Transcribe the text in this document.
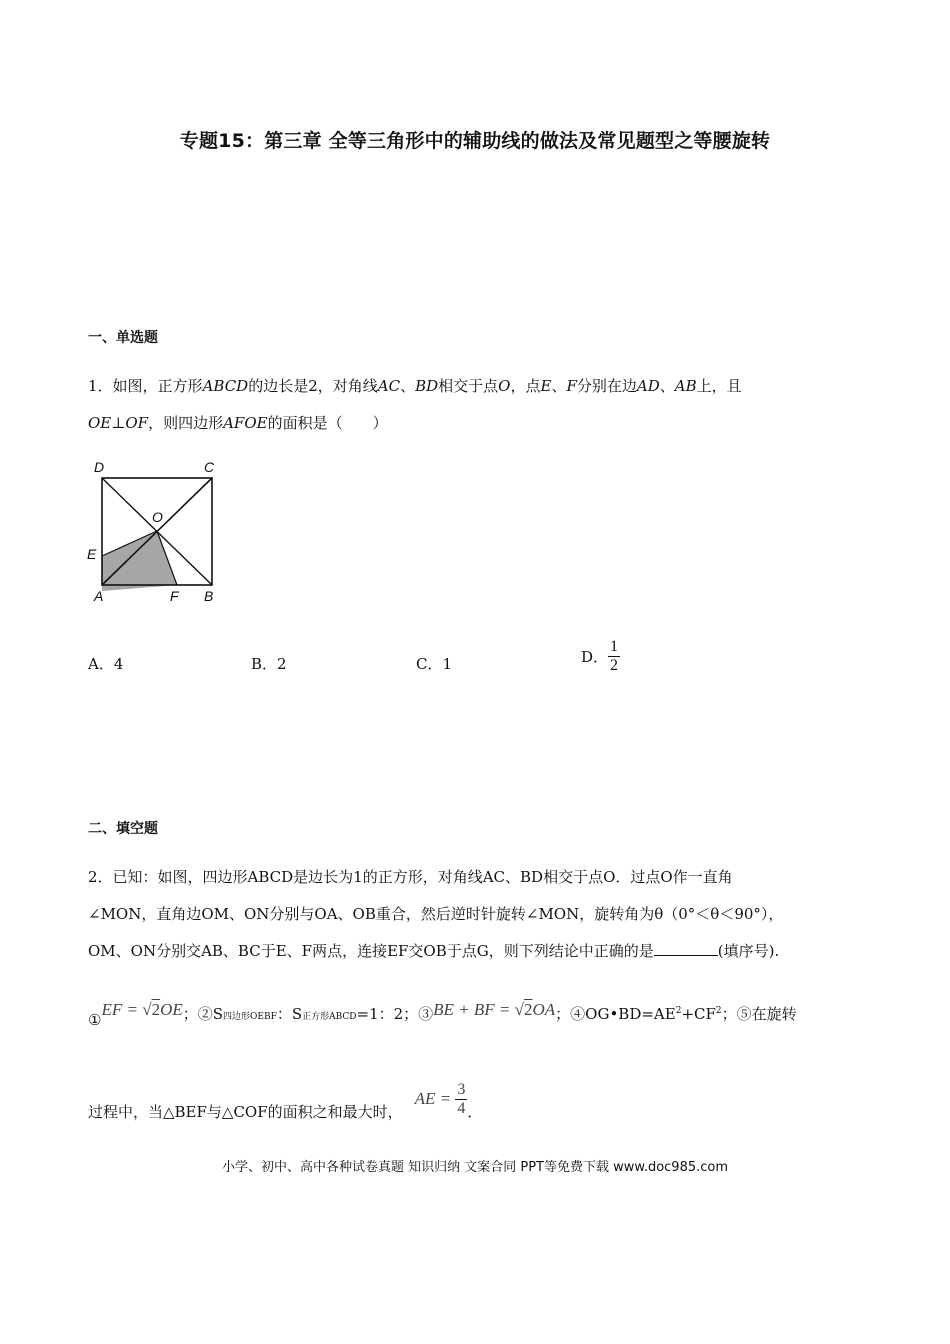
专题15：第三章 全等三角形中的辅助线的做法及常见题型之等腰旋转
一、单选题
1．如图，正方形ABCD的边长是2，对角线AC、BD相交于点O，点E、F分别在边AD、AB上，且
OE⊥OF，则四边形AFOE的面积是（　　）
D	C
O
E
A	F B
A．4	B．2	C．1	D． $\frac{1}{2}$
二、填空题
2．已知：如图，四边形ABCD是边长为1的正方形，对角线AC、BD相交于点O．过点O作一直角
∠MON，直角边OM、ON分别与OA、OB重合，然后逆时针旋转∠MON，旋转角为θ（0°＜θ＜90°），
OM、ON分别交AB、BC于E、F两点，连接EF交OB于点G，则下列结论中正确的是	(填序号).
①EF = √2OE；②S四边形OEBF：S正方形ABCD=1：2；③BE + BF = √2OA；$④OG•BD=AE^2+CF^2$；⑤在旋转
过程中，当△BEF与△COF的面积之和最大时，AE = $\frac{3}{4}$ ．
小学、初中、高中各种试卷真题 知识归纳 文案合同 PPT等免费下载 www.doc985.com
